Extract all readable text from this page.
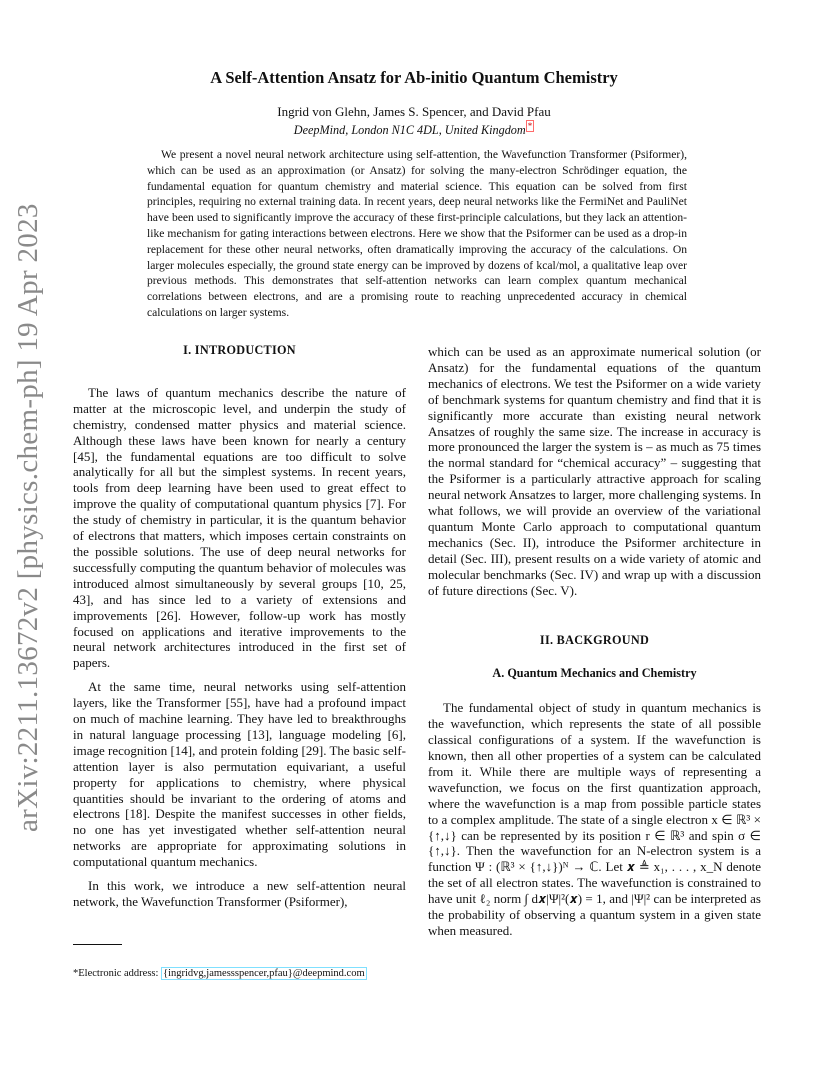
arXiv:2211.13672v2 [physics.chem-ph] 19 Apr 2023
A Self-Attention Ansatz for Ab-initio Quantum Chemistry
Ingrid von Glehn, James S. Spencer, and David Pfau
DeepMind, London N1C 4DL, United Kingdom *
We present a novel neural network architecture using self-attention, the Wavefunction Transformer (Psiformer), which can be used as an approximation (or Ansatz) for solving the many-electron Schrödinger equation, the fundamental equation for quantum chemistry and material science. This equation can be solved from first principles, requiring no external training data. In recent years, deep neural networks like the FermiNet and PauliNet have been used to significantly improve the accuracy of these first-principle calculations, but they lack an attention-like mechanism for gating interactions between electrons. Here we show that the Psiformer can be used as a drop-in replacement for these other neural networks, often dramatically improving the accuracy of the calculations. On larger molecules especially, the ground state energy can be improved by dozens of kcal/mol, a qualitative leap over previous methods. This demonstrates that self-attention networks can learn complex quantum mechanical correlations between electrons, and are a promising route to reaching unprecedented accuracy in chemical calculations on larger systems.
I. INTRODUCTION

The laws of quantum mechanics describe the nature of matter at the microscopic level, and underpin the study of chemistry, condensed matter physics and material science. Although these laws have been known for nearly a century [45], the fundamental equations are too difficult to solve analytically for all but the simplest systems. In recent years, tools from deep learning have been used to great effect to improve the quality of computational quantum physics [7]. For the study of chemistry in particular, it is the quantum behavior of electrons that matters, which imposes certain constraints on the possible solutions. The use of deep neural networks for successfully computing the quantum behavior of molecules was introduced almost simultaneously by several groups [10, 25, 43], and has since led to a variety of extensions and improvements [26]. However, follow-up work has mostly focused on applications and iterative improvements to the neural network architectures introduced in the first set of papers.

At the same time, neural networks using self-attention layers, like the Transformer [55], have had a profound impact on much of machine learning. They have led to breakthroughs in natural language processing [13], language modeling [6], image recognition [14], and protein folding [29]. The basic self-attention layer is also permutation equivariant, a useful property for applications to chemistry, where physical quantities should be invariant to the ordering of atoms and electrons [18]. Despite the manifest successes in other fields, no one has yet investigated whether self-attention neural networks are appropriate for approximating solutions in computational quantum mechanics.

In this work, we introduce a new self-attention neural network, the Wavefunction Transformer (Psiformer),

which can be used as an approximate numerical solution (or Ansatz) for the fundamental equations of the quantum mechanics of electrons. We test the Psiformer on a wide variety of benchmark systems for quantum chemistry and find that it is significantly more accurate than existing neural network Ansatzes of roughly the same size. The increase in accuracy is more pronounced the larger the system is – as much as 75 times the normal standard for “chemical accuracy” – suggesting that the Psiformer is a particularly attractive approach for scaling neural network Ansatzes to larger, more challenging systems. In what follows, we will provide an overview of the variational quantum Monte Carlo approach to computational quantum mechanics (Sec. II), introduce the Psiformer architecture in detail (Sec. III), present results on a wide variety of atomic and molecular benchmarks (Sec. IV) and wrap up with a discussion of future directions (Sec. V).

II. BACKGROUND
A. Quantum Mechanics and Chemistry

The fundamental object of study in quantum mechanics is the wavefunction, which represents the state of all possible classical configurations of a system. If the wavefunction is known, then all other properties of a system can be calculated from it. While there are multiple ways of representing a wavefunction, we focus on the first quantization approach, where the wavefunction is a map from possible particle states to a complex amplitude. The state of a single electron x ∈ ℝ³ × {↑,↓} can be represented by its position r ∈ ℝ³ and spin σ ∈ {↑,↓}. Then the wavefunction for an N-electron system is a function Ψ : (ℝ³ × {↑,↓})ᴺ → ℂ. Let 𝒙 ≜ x₁, . . . , x_N denote the set of all electron states. The wavefunction is constrained to have unit ℓ₂ norm ∫ d𝒙|Ψ|²(𝒙) = 1, and |Ψ|² can be interpreted as the probability of observing a quantum system in a given state when measured.

*Electronic address: {ingridvg,jamessspencer,pfau}@deepmind.com
